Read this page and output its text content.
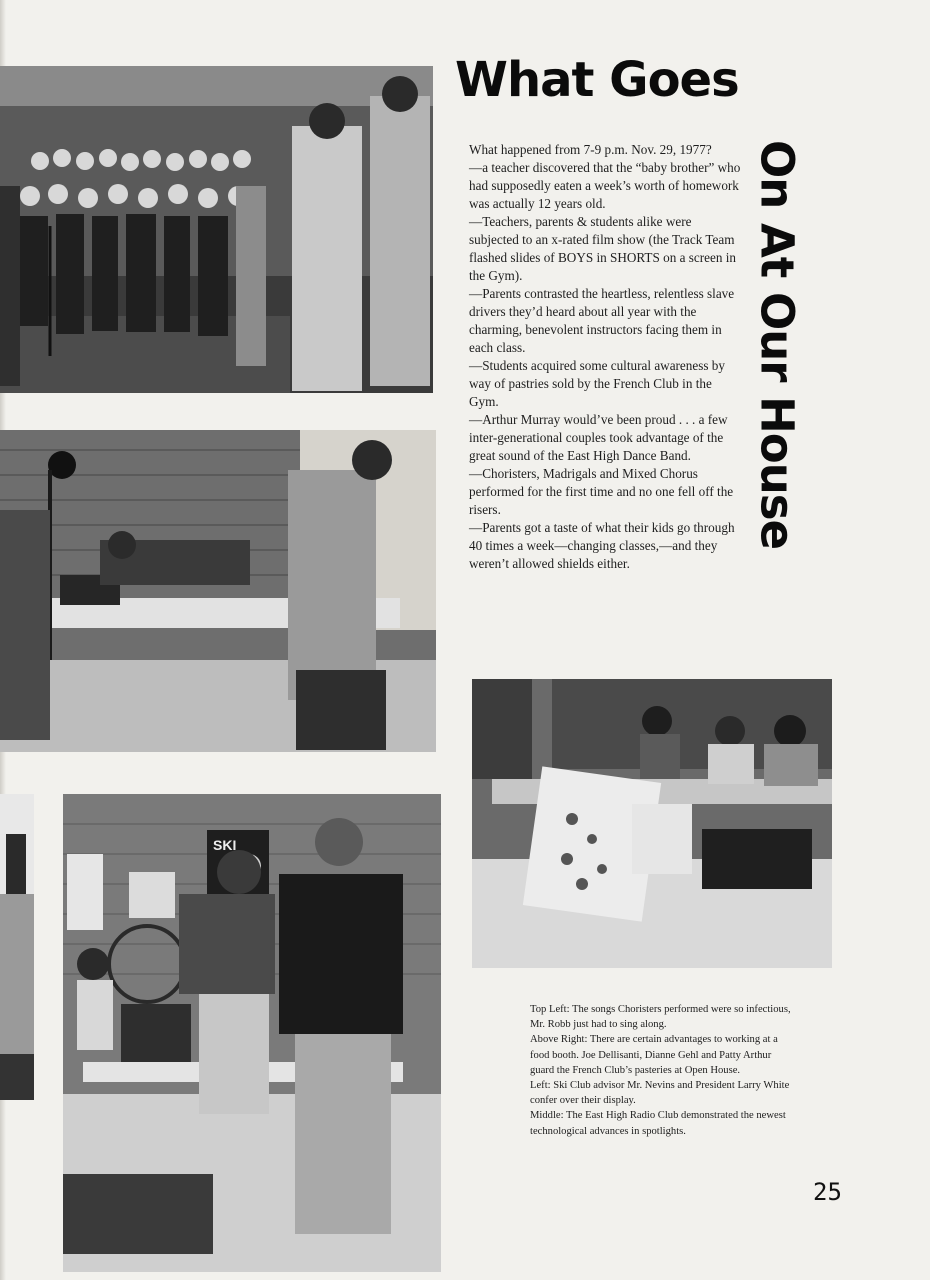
SKI
What Goes
On At Our House

What happened from 7-9 p.m. Nov. 29, 1977?

—a teacher discovered that the “baby brother” who had supposedly eaten a week’s worth of homework was actually 12 years old.

—Teachers, parents & students alike were subjected to an x-rated film show (the Track Team flashed slides of BOYS in SHORTS on a screen in the Gym).

—Parents contrasted the heartless, relentless slave drivers they’d heard about all year with the charming, benevolent instructors facing them in each class.

—Students acquired some cultural awareness by way of pastries sold by the French Club in the Gym.

—Arthur Murray would’ve been proud . . . a few inter-generational couples took advantage of the great sound of the East High Dance Band.

—Choristers, Madrigals and Mixed Chorus performed for the first time and no one fell off the risers.

—Parents got a taste of what their kids go through 40 times a week—changing classes,—and they weren’t allowed shields either.

Top Left: The songs Choristers performed were so infectious, Mr. Robb just had to sing along.

Above Right: There are certain advantages to working at a food booth. Joe Dellisanti, Dianne Gehl and Patty Arthur guard the French Club’s pasteries at Open House.

Left: Ski Club advisor Mr. Nevins and President Larry White confer over their display.

Middle: The East High Radio Club demonstrated the newest technological advances in spotlights.

25
